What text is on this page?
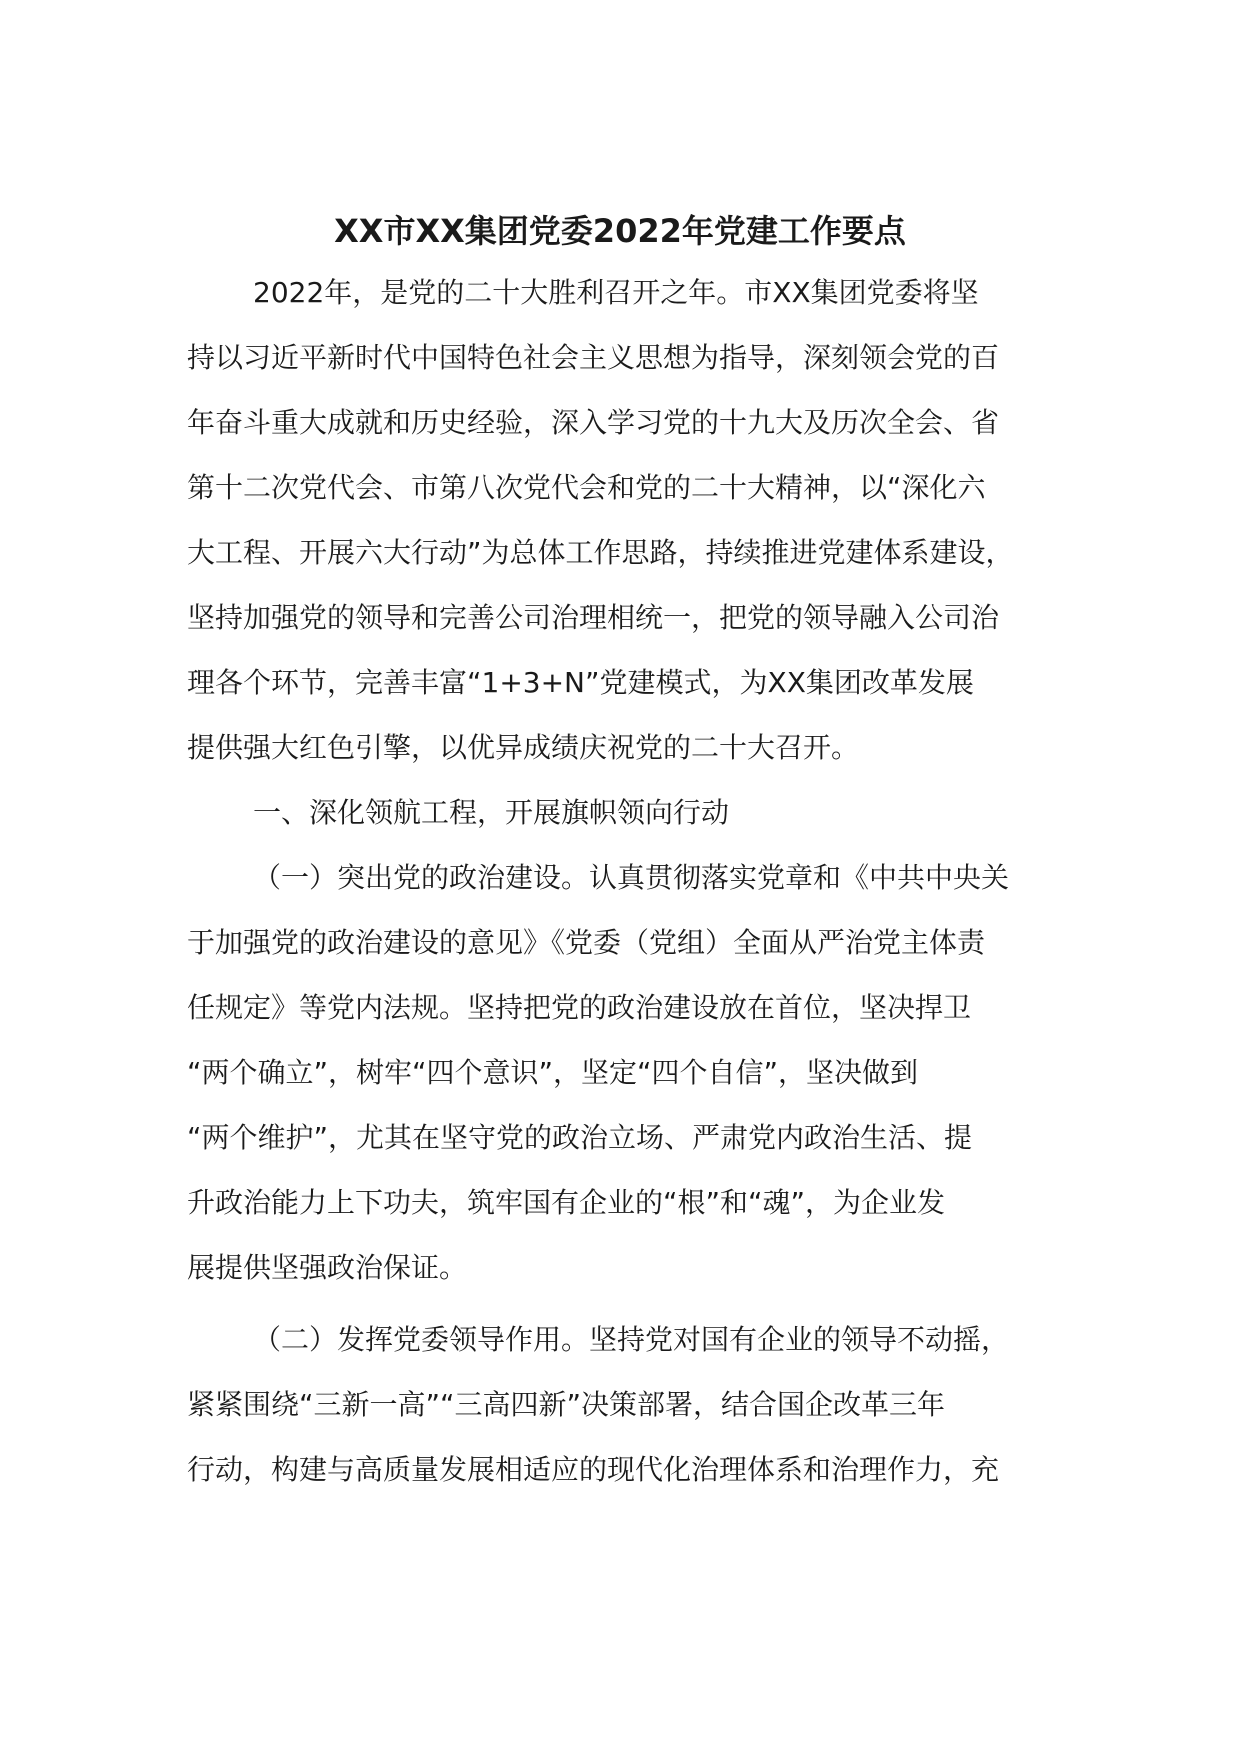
XX市XX集团党委2022年党建工作要点
2022年，是党的二十大胜利召开之年。市XX集团党委将坚
持以习近平新时代中国特色社会主义思想为指导，深刻领会党的百
年奋斗重大成就和历史经验，深入学习党的十九大及历次全会、省
第十二次党代会、市第八次党代会和党的二十大精神，以“深化六
大工程、开展六大行动”为总体工作思路，持续推进党建体系建设，
坚持加强党的领导和完善公司治理相统一，把党的领导融入公司治
理各个环节，完善丰富“1+3+N”党建模式，为XX集团改革发展
提供强大红色引擎，以优异成绩庆祝党的二十大召开。
一、深化领航工程，开展旗帜领向行动
（一）突出党的政治建设。认真贯彻落实党章和《中共中央关
于加强党的政治建设的意见》《党委（党组）全面从严治党主体责
任规定》等党内法规。坚持把党的政治建设放在首位，坚决捍卫
“两个确立”，树牢“四个意识”，坚定“四个自信”，坚决做到
“两个维护”，尤其在坚守党的政治立场、严肃党内政治生活、提
升政治能力上下功夫，筑牢国有企业的“根”和“魂”，为企业发
展提供坚强政治保证。
（二）发挥党委领导作用。坚持党对国有企业的领导不动摇，
紧紧围绕“三新一高”“三高四新”决策部署，结合国企改革三年
行动，构建与高质量发展相适应的现代化治理体系和治理作力，充
